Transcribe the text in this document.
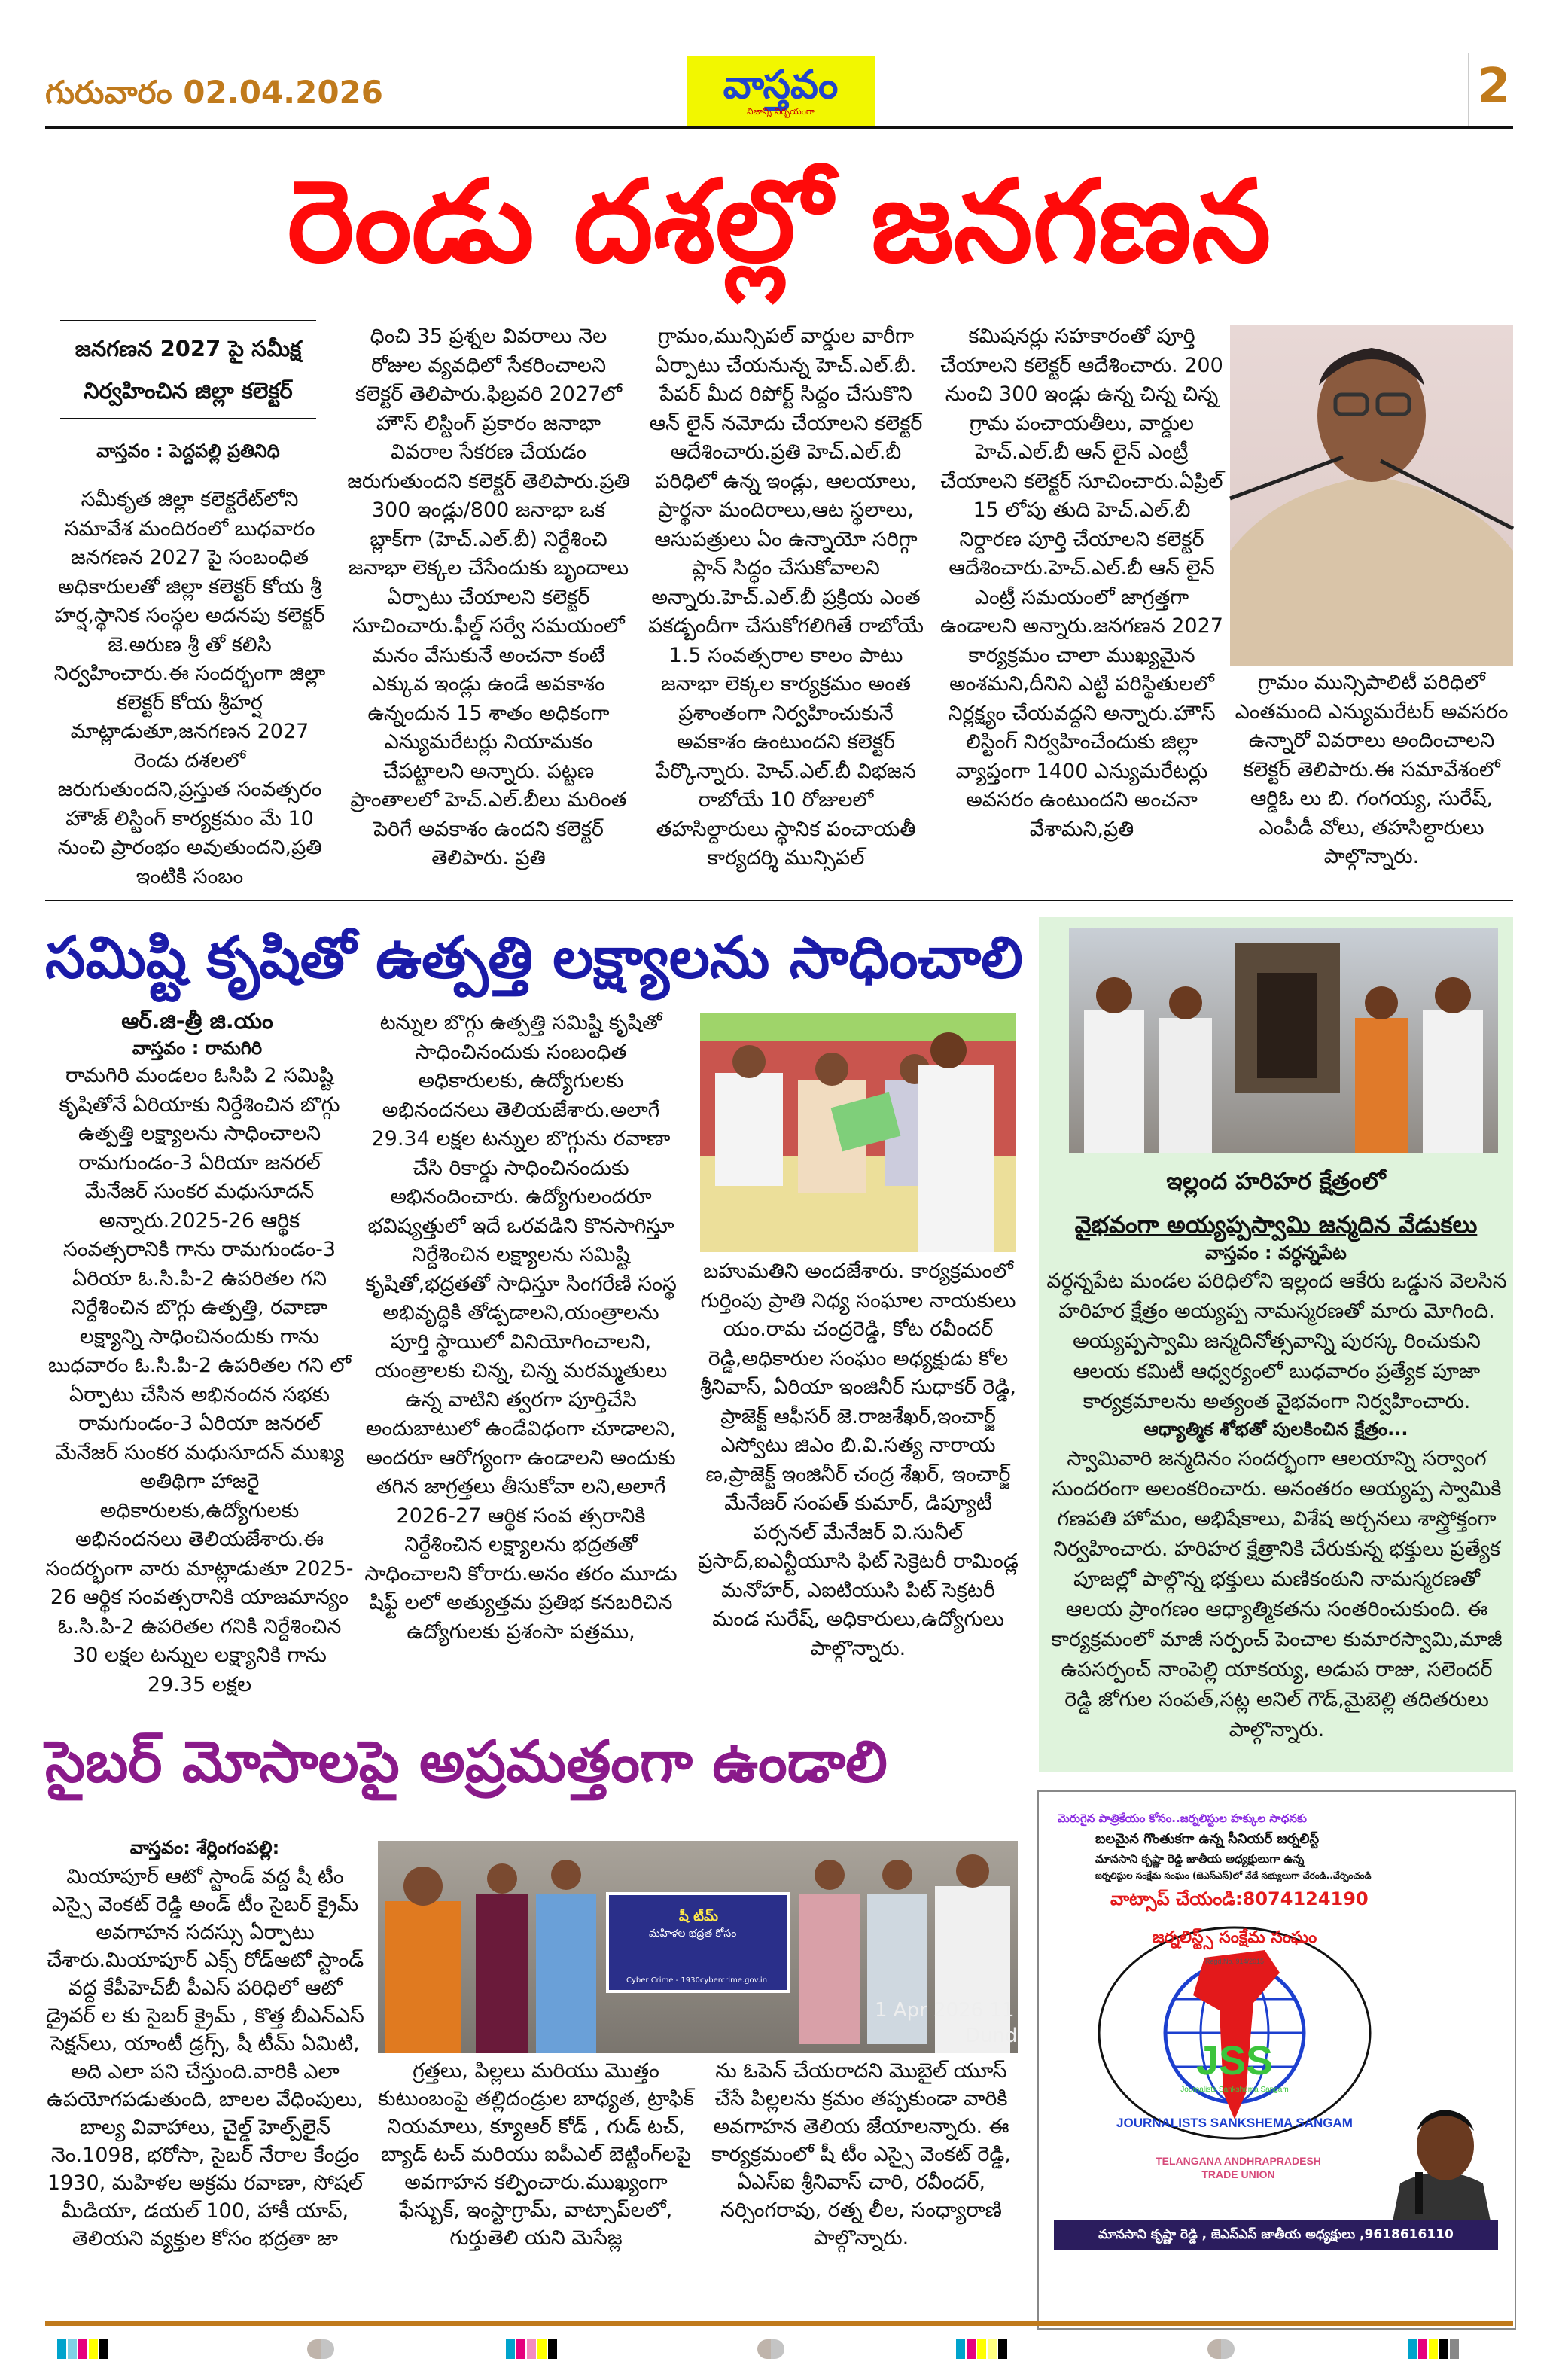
గురువారం 02.04.2026	వాస్తవం
నిజాన్ని నిర్భయంగా	2
రెండు దశల్లో జనగణన
జనగణన 2027 పై సమీక్ష నిర్వహించిన జిల్లా కలెక్టర్
వాస్తవం : పెద్దపల్లి ప్రతినిధి
సమీకృత జిల్లా కలెక్టరేట్‌లోని సమావేశ మందిరంలో బుధవారం జనగణన 2027 పై సంబంధిత అధికారులతో జిల్లా కలెక్టర్ కోయ శ్రీ హర్ష,స్థానిక సంస్థల అదనపు కలెక్టర్ జె.అరుణ శ్రీ తో కలిసి నిర్వహించారు.ఈ సందర్భంగా జిల్లా కలెక్టర్ కోయ శ్రీహర్ష మాట్లాడుతూ,జనగణన 2027 రెండు దశలలో జరుగుతుందని,ప్రస్తుత సంవత్సరం హౌజ్ లిస్టింగ్ కార్యక్రమం మే 10 నుంచి ప్రారంభం అవుతుందని,ప్రతి ఇంటికి సంబం
ధించి 35 ప్రశ్నల వివరాలు నెల రోజుల వ్యవధిలో సేకరించాలని కలెక్టర్ తెలిపారు.ఫిబ్రవరి 2027లో హౌస్ లిస్టింగ్ ప్రకారం జనాభా వివరాల సేకరణ చేయడం జరుగుతుందని కలెక్టర్ తెలిపారు.ప్రతి 300 ఇండ్లు/800 జనాభా ఒక బ్లాక్‌గా (హెచ్.ఎల్.బీ) నిర్దేశించి జనాభా లెక్కల చేసేందుకు బృందాలు ఏర్పాటు చేయాలని కలెక్టర్ సూచించారు.ఫీల్డ్ సర్వే సమయంలో మనం వేసుకునే అంచనా కంటే ఎక్కువ ఇండ్లు ఉండే అవకాశం ఉన్నందున 15 శాతం అధికంగా ఎన్యుమరేటర్లు నియామకం చేపట్టాలని అన్నారు. పట్టణ ప్రాంతాలలో హెచ్.ఎల్.బీలు మరింత పెరిగే అవకాశం ఉందని కలెక్టర్ తెలిపారు. ప్రతి
గ్రామం,మున్సిపల్ వార్డుల వారీగా ఏర్పాటు చేయనున్న హెచ్.ఎల్.బీ. పేపర్ మీద రిపోర్ట్ సిద్దం చేసుకొని ఆన్ లైన్ నమోదు చేయాలని కలెక్టర్ ఆదేశించారు.ప్రతి హెచ్.ఎల్.బీ పరిధిలో ఉన్న ఇండ్లు, ఆలయాలు, ప్రార్థనా మందిరాలు,ఆట స్థలాలు, ఆసుపత్రులు ఏం ఉన్నాయో సరిగ్గా ప్లాన్ సిద్ధం చేసుకోవాలని అన్నారు.హెచ్.ఎల్.బీ ప్రక్రియ ఎంత పకడ్బందీగా చేసుకోగలిగితే రాబోయే 1.5 సంవత్సరాల కాలం పాటు జనాభా లెక్కల కార్యక్రమం అంత ప్రశాంతంగా నిర్వహించుకునే అవకాశం ఉంటుందని కలెక్టర్ పేర్కొన్నారు. హెచ్.ఎల్.బీ విభజన రాబోయే 10 రోజులలో తహసిల్దారులు స్థానిక పంచాయతీ కార్యదర్శి మున్సిపల్
కమిషనర్లు సహకారంతో పూర్తి చేయాలని కలెక్టర్ ఆదేశించారు. 200 నుంచి 300 ఇండ్లు ఉన్న చిన్న చిన్న గ్రామ పంచాయతీలు, వార్డుల హెచ్.ఎల్.బీ ఆన్ లైన్ ఎంట్రీ చేయాలని కలెక్టర్ సూచించారు.ఏప్రిల్ 15 లోపు తుది హెచ్.ఎల్.బీ నిర్దారణ పూర్తి చేయాలని కలెక్టర్ ఆదేశించారు.హెచ్.ఎల్.బీ ఆన్ లైన్ ఎంట్రీ సమయంలో జాగ్రత్తగా ఉండాలని అన్నారు.జనగణన 2027 కార్యక్రమం చాలా ముఖ్యమైన అంశమని,దీనిని ఎట్టి పరిస్థితులలో నిర్లక్ష్యం చేయవద్దని అన్నారు.హౌస్ లిస్టింగ్ నిర్వహించేందుకు జిల్లా వ్యాప్తంగా 1400 ఎన్యుమరేటర్లు అవసరం ఉంటుందని అంచనా వేశామని,ప్రతి
గ్రామం మున్సిపాలిటీ పరిధిలో ఎంతమంది ఎన్యుమరేటర్ అవసరం ఉన్నారో వివరాలు అందించాలని కలెక్టర్ తెలిపారు.ఈ సమావేశంలో ఆర్డిఓ లు బి. గంగయ్య, సురేష్, ఎంపీడీ వోలు, తహసిల్దారులు పాల్గొన్నారు.
సమిష్టి కృషితో ఉత్పత్తి లక్ష్యాలను సాధించాలి
ఆర్.జి-త్రీ జి.యం
వాస్తవం : రామగిరి
రామగిరి మండలం ఓసిపి 2 సమిష్టి కృషితోనే ఏరియాకు నిర్దేశించిన బొగ్గు ఉత్పత్తి లక్ష్యాలను సాధించాలని రామగుండం-3 ఏరియా జనరల్ మేనేజర్ సుంకర మధుసూదన్ అన్నారు.2025-26 ఆర్థిక సంవత్సరానికి గాను రామగుండం-3 ఏరియా ఓ.సి.పి-2 ఉపరితల గని నిర్దేశించిన బొగ్గు ఉత్పత్తి, రవాణా లక్ష్యాన్ని సాధించినందుకు గాను బుధవారం ఓ.సి.పి-2 ఉపరితల గని లో ఏర్పాటు చేసిన అభినందన సభకు రామగుండం-3 ఏరియా జనరల్ మేనేజర్ సుంకర మధుసూదన్ ముఖ్య అతిథిగా హాజరై అధికారులకు,ఉద్యోగులకు అభినందనలు తెలియజేశారు.ఈ సందర్భంగా వారు మాట్లాడుతూ 2025-26 ఆర్థిక సంవత్సరానికి యాజమాన్యం ఓ.సి.పి-2 ఉపరితల గనికి నిర్దేశించిన 30 లక్షల టన్నుల లక్ష్యానికి గాను 29.35 లక్షల
టన్నుల బొగ్గు ఉత్పత్తి సమిష్టి కృషితో సాధించినందుకు సంబంధిత అధికారులకు, ఉద్యోగులకు అభినందనలు తెలియజేశారు.అలాగే 29.34 లక్షల టన్నుల బొగ్గును రవాణా చేసి రికార్డు సాధించినందుకు అభినందించారు. ఉద్యోగులందరూ భవిష్యత్తులో ఇదే ఒరవడిని కొనసాగిస్తూ నిర్దేశించిన లక్ష్యాలను సమిష్టి కృషితో,భద్రతతో సాధిస్తూ సింగరేణి సంస్థ అభివృద్ధికి తోడ్పడాలని,యంత్రాలను పూర్తి స్థాయిలో వినియోగించాలని, యంత్రాలకు చిన్న, చిన్న మరమ్మతులు ఉన్న వాటిని త్వరగా పూర్తిచేసి అందుబాటులో ఉండేవిధంగా చూడాలని, అందరూ ఆరోగ్యంగా ఉండాలని అందుకు తగిన జాగ్రత్తలు తీసుకోవా లని,అలాగే 2026-27 ఆర్థిక సంవ త్సరానికి నిర్దేశించిన లక్ష్యాలను భద్రతతో సాధించాలని కోరారు.అనం తరం మూడు షిఫ్ట్ లలో అత్యుత్తమ ప్రతిభ కనబరిచిన ఉద్యోగులకు ప్రశంసా పత్రము,
బహుమతిని అందజేశారు. కార్యక్రమంలో గుర్తింపు ప్రాతి నిధ్య సంఘాల నాయకులు యం.రామ చంద్రరెడ్డి, కోట రవీందర్ రెడ్డి,అధికారుల సంఘం అధ్యక్షుడు కోల శ్రీనివాస్, ఏరియా ఇంజినీర్ సుధాకర్ రెడ్డి, ప్రాజెక్ట్ ఆఫీసర్ జె.రాజశేఖర్,ఇంచార్జ్ ఎస్వోటు జిఎం బి.వి.సత్య నారాయ ణ,ప్రాజెక్ట్ ఇంజినీర్ చంద్ర శేఖర్, ఇంచార్జ్ మేనేజర్ సంపత్ కుమార్, డిప్యూటీ పర్సనల్ మేనేజర్ వి.సునీల్ ప్రసాద్,ఐఎన్టీయూసి ఫిట్ సెక్రెటరీ రామిండ్ల మనోహర్, ఎఐటియుసి పిట్ సెక్రటరీ మండ సురేష్, అధికారులు,ఉద్యోగులు పాల్గొన్నారు.
ఇల్లంద హరిహర క్షేత్రంలో
వైభవంగా అయ్యప్పస్వామి జన్మదిన వేడుకలు
వాస్తవం : వర్ధన్నపేట
వర్ధన్నపేట మండల పరిధిలోని ఇల్లంద ఆకేరు ఒడ్డున వెలసిన హరిహర క్షేత్రం అయ్యప్ప నామస్మరణతో మారు మోగింది. అయ్యప్పస్వామి జన్మదినోత్సవాన్ని పురస్క రించుకుని ఆలయ కమిటీ ఆధ్వర్యంలో బుధవారం ప్రత్యేక పూజా కార్యక్రమాలను అత్యంత వైభవంగా నిర్వహించారు.
ఆధ్యాత్మిక శోభతో పులకించిన క్షేత్రం...
స్వామివారి జన్మదినం సందర్భంగా ఆలయాన్ని సర్వాంగ సుందరంగా అలంకరించారు. అనంతరం అయ్యప్ప స్వామికి గణపతి హోమం, అభిషేకాలు, విశేష అర్చనలు శాస్త్రోక్తంగా నిర్వహించారు. హరిహర క్షేత్రానికి చేరుకున్న భక్తులు ప్రత్యేక పూజల్లో పాల్గొన్న భక్తులు మణికంఠుని నామస్మరణతో ఆలయ ప్రాంగణం ఆధ్యాత్మికతను సంతరించుకుంది. ఈ కార్యక్రమంలో మాజీ సర్పంచ్ పెంచాల కుమారస్వామి,మాజీ ఉపసర్పంచ్ నాంపెల్లి యాకయ్య, అడుప రాజు, సలెందర్ రెడ్డి జోగుల సంపత్,సట్ల అనిల్ గౌడ్,మైబెల్లి తదితరులు పాల్గొన్నారు.
సైబర్ మోసాలపై అప్రమత్తంగా ఉండాలి
వాస్తవం: శేర్లింగంపల్లి:
మియాపూర్ ఆటో స్టాండ్ వద్ద షీ టీం ఎస్సై వెంకట్ రెడ్డి అండ్ టీం సైబర్ క్రైమ్ అవగాహన సదస్సు ఏర్పాటు చేశారు.మియాపూర్ ఎక్స్ రోడ్ఆటో స్టాండ్ వద్ద కేపీహెచ్‌బీ పీఎస్ పరిధిలో ఆటో డ్రైవర్ ల కు సైబర్ క్రైమ్ , కొత్త బీఎన్ఎస్ సెక్షన్‌లు, యాంటీ డ్రగ్స్, షీ టీమ్ ఏమిటి, అది ఎలా పని చేస్తుంది.వారికి ఎలా ఉపయోగపడుతుంది, బాలల వేధింపులు, బాల్య వివాహాలు, చైల్డ్ హెల్ప్‌లైన్ నెం.1098, భరోసా, సైబర్ నేరాల కేంద్రం 1930, మహిళల అక్రమ రవాణా, సోషల్ మీడియా, డయల్ 100, హాకీ యాప్, తెలియని వ్యక్తుల కోసం భద్రతా జా
షీ టీమ్
మహిళల భద్రత కోసం
Cyber Crime - 1930cybercrime.gov.in
1 Apr 2026 11
Dund
గ్రత్తలు, పిల్లలు మరియు మొత్తం కుటుంబంపై తల్లిదండ్రుల బాధ్యత, ట్రాఫిక్ నియమాలు, క్యూఆర్ కోడ్ , గుడ్ టచ్, బ్యాడ్ టచ్ మరియు ఐపీఎల్ బెట్టింగ్‌లపై అవగాహన కల్పించారు.ముఖ్యంగా ఫేస్బుక్, ఇంస్టాగ్రామ్, వాట్సాప్‌లలో, గుర్తుతెలి యని మెసేజ్ల
ను ఓపెన్ చేయరాదని మొబైల్ యూస్ చేసే పిల్లలను క్రమం తప్పకుండా వారికి అవగాహన తెలియ జేయాలన్నారు. ఈ కార్యక్రమంలో షీ టీం ఎస్సై వెంకట్ రెడ్డి, ఏఎస్ఐ శ్రీనివాస్ చారి, రవీందర్, నర్సింగరావు, రత్న లీల, సంధ్యారాణి పాల్గొన్నారు.
మెరుగైన పాత్రికేయం కోసం..జర్నలిస్టుల హక్కుల సాధనకు
బలమైన గొంతుకగా ఉన్న సీనియర్ జర్నలిస్ట్
మానసాని కృష్ణా రెడ్డి జాతీయ అధ్యక్షులుగా ఉన్న
జర్నలిస్టుల సంక్షేమ సంఘం (జెఎస్ఎస్)లో నేడే సభ్యులుగా చేరండి..చేర్పించండి
వాట్సాప్ చేయండి:8074124190
JSS
Regd.No. 914/2015
జర్నలిస్ట్స్ సంక్షేమ సంఘం
Journalists Sankshema Sangam
JOURNALISTS SANKSHEMA SANGAM
TELANGANA ANDHRAPRADESH
TRADE UNION
మానసాని కృష్ణా రెడ్డి , జెఎస్ఎస్ జాతీయ అధ్యక్షులు ,9618616110
